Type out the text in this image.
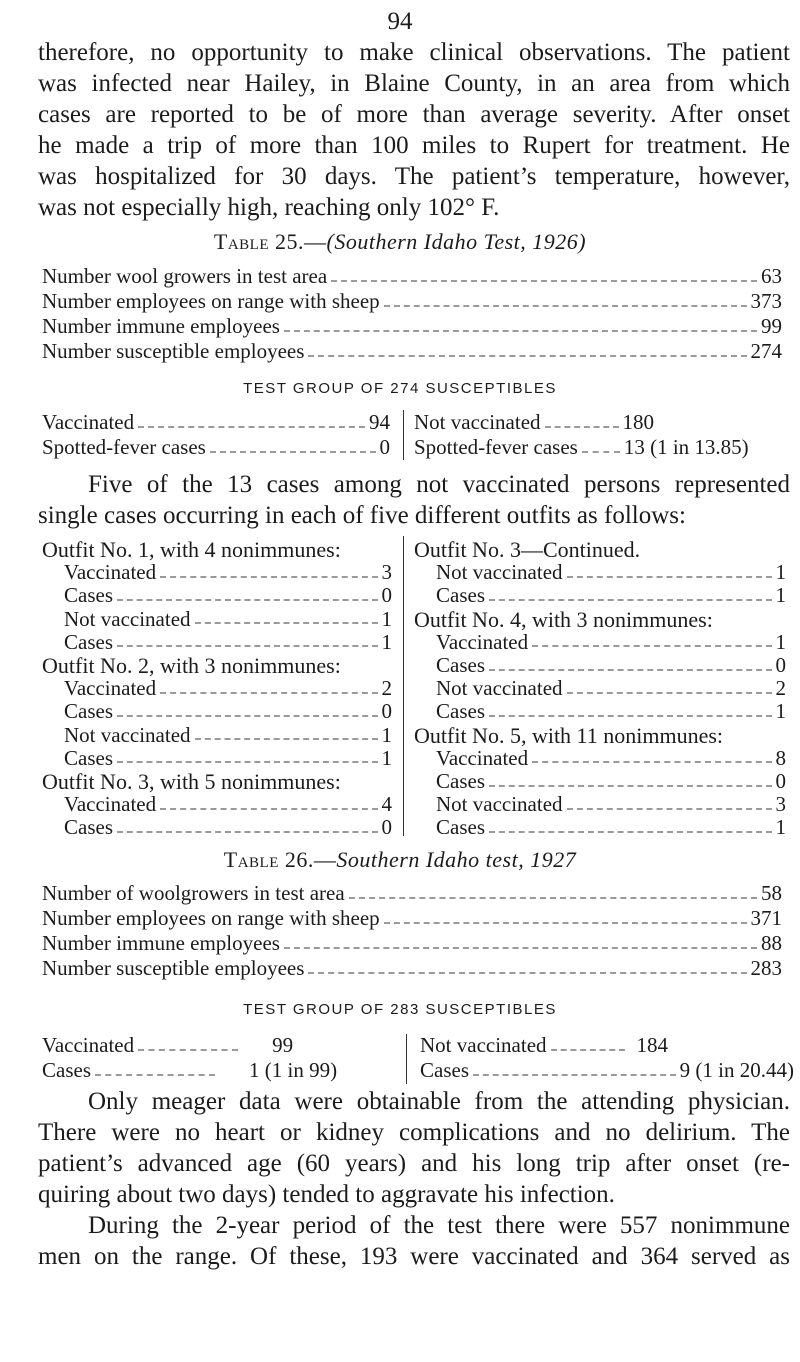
94

therefore, no opportunity to make clinical observations. The patient

was infected near Hailey, in Blaine County, in an area from which

cases are reported to be of more than average severity. After onset

he made a trip of more than 100 miles to Rupert for treatment. He

was hospitalized for 30 days. The patient’s temperature, however,

was not especially high, reaching only 102° F.

Table 25.—(Southern Idaho Test, 1926)
Number wool growers in test area	63
Number employees on range with sheep	373
Number immune employees	99
Number susceptible employees	274
TEST GROUP OF 274 SUSCEPTIBLES
Vaccinated	94
Spotted-fever cases	0
Not vaccinated	180
Spotted-fever cases 13 (1 in 13.85)

Five of the 13 cases among not vaccinated persons represented

single cases occurring in each of five different outfits as follows:

Outfit No. 1, with 4 nonimmunes:
Vaccinated	3
Cases	0
Not vaccinated	1
Cases	1
Outfit No. 2, with 3 nonimmunes:
Vaccinated	2
Cases	0
Not vaccinated	1
Cases	1
Outfit No. 3, with 5 nonimmunes:
Vaccinated	4
Cases	0
Outfit No. 3—Continued.
Not vaccinated	1
Cases	1
Outfit No. 4, with 3 nonimmunes:
Vaccinated	1
Cases	0
Not vaccinated	2
Cases	1
Outfit No. 5, with 11 nonimmunes:
Vaccinated	8
Cases	0
Not vaccinated	3
Cases	1
Table 26.—Southern Idaho test, 1927
Number of woolgrowers in test area	58
Number employees on range with sheep	371
Number immune employees	88
Number susceptible employees	283
TEST GROUP OF 283 SUSCEPTIBLES
Vaccinated	99
Cases	1 (1 in 99)
Not vaccinated	184
Cases	9 (1 in 20.44)

Only meager data were obtainable from the attending physician.

There were no heart or kidney complications and no delirium. The

patient’s advanced age (60 years) and his long trip after onset (re-

quiring about two days) tended to aggravate his infection.

During the 2-year period of the test there were 557 nonimmune

men on the range. Of these, 193 were vaccinated and 364 served as
